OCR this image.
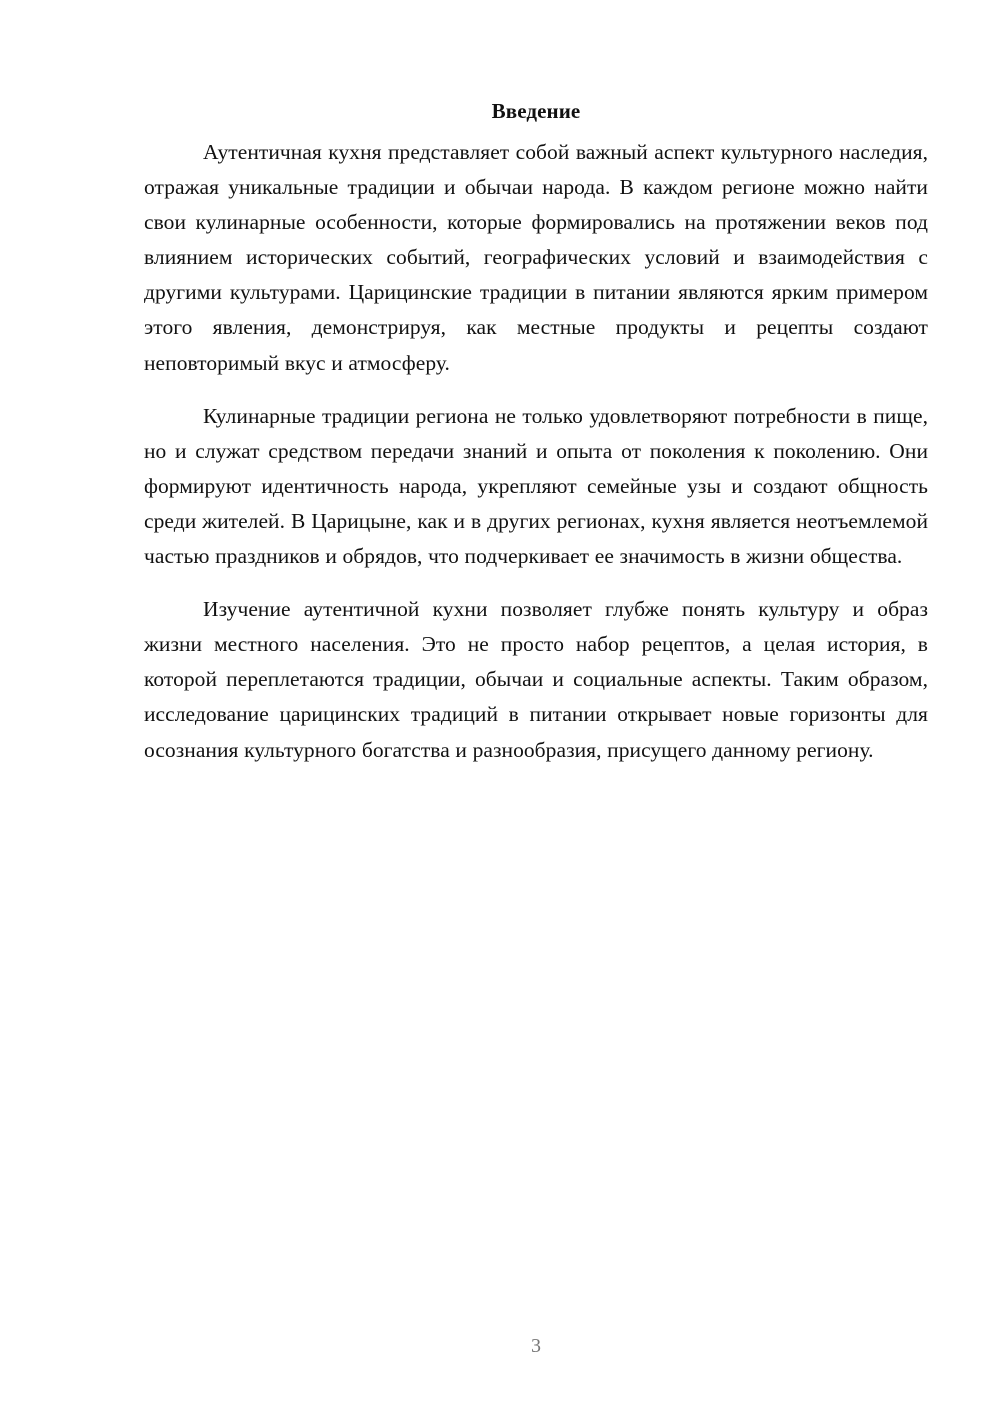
Введение

Аутентичная кухня представляет собой важный аспект культурного наследия, отражая уникальные традиции и обычаи народа. В каждом регионе можно найти свои кулинарные особенности, которые формировались на протяжении веков под влиянием исторических событий, географических условий и взаимодействия с другими культурами. Царицинские традиции в питании являются ярким примером этого явления, демонстрируя, как местные продукты и рецепты создают неповторимый вкус и атмосферу.

Кулинарные традиции региона не только удовлетворяют потребности в пище, но и служат средством передачи знаний и опыта от поколения к поколению. Они формируют идентичность народа, укрепляют семейные узы и создают общность среди жителей. В Царицыне, как и в других регионах, кухня является неотъемлемой частью праздников и обрядов, что подчеркивает ее значимость в жизни общества.

Изучение аутентичной кухни позволяет глубже понять культуру и образ жизни местного населения. Это не просто набор рецептов, а целая история, в которой переплетаются традиции, обычаи и социальные аспекты. Таким образом, исследование царицинских традиций в питании открывает новые горизонты для осознания культурного богатства и разнообразия, присущего данному региону.

3
